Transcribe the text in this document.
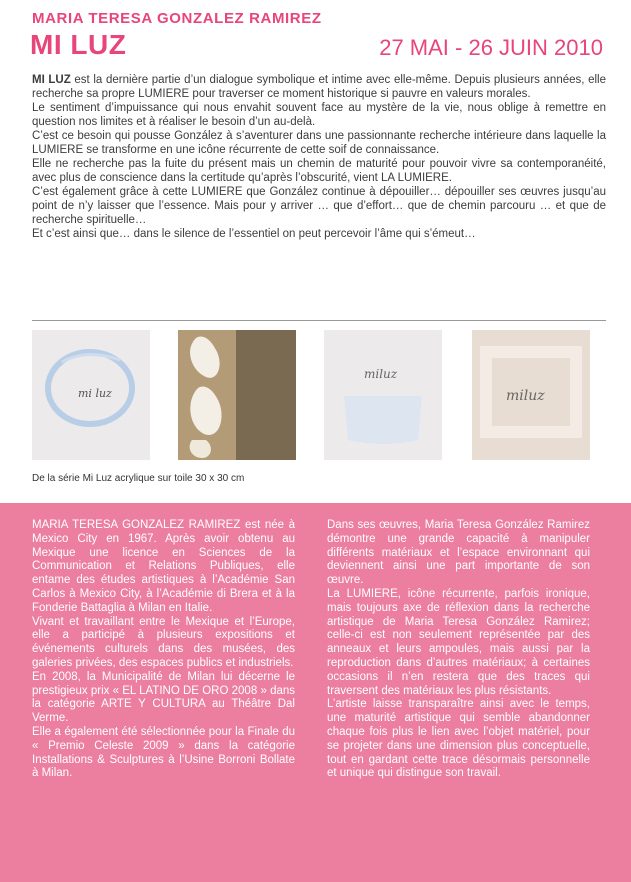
MARIA TERESA GONZALEZ RAMIREZ
MI LUZ	27 MAI - 26 JUIN 2010

MI LUZ est la dernière partie d’un dialogue symbolique et intime avec elle-même. Depuis plusieurs années, elle recherche sa propre LUMIERE pour traverser ce moment historique si pauvre en valeurs morales.

Le sentiment d’impuissance qui nous envahit souvent face au mystère de la vie, nous oblige à remettre en question nos limites et à réaliser le besoin d’un au-delà.

C’est ce besoin qui pousse González à s’aventurer dans une passionnante recherche intérieure dans laquelle la LUMIERE se transforme en une icône récurrente de cette soif de connaissance.

Elle ne recherche pas la fuite du présent mais un chemin de maturité pour pouvoir vivre sa contemporanéité, avec plus de conscience dans la certitude qu’après l’obscurité, vient LA LUMIERE.

C’est également grâce à cette LUMIERE que González continue à dépouiller… dépouiller ses œuvres jusqu’au point de n’y laisser que l’essence. Mais pour y arriver … que d’effort… que de chemin parcouru … et que de recherche spirituelle…

Et c’est ainsi que… dans le silence de l’essentiel on peut percevoir l’âme qui s’émeut…

mi luz
miluz
miluz
De la série Mi Luz acrylique sur toile 30 x 30 cm

MARIA TERESA GONZALEZ RAMIREZ est née à Mexico City en 1967. Après avoir obtenu au Mexique une licence en Sciences de la Communication et Relations Publiques, elle entame des études artistiques à l’Académie San Carlos à Mexico City, à l’Académie di Brera et à la Fonderie Battaglia à Milan en Italie.

Vivant et travaillant entre le Mexique et l’Europe, elle a participé à plusieurs expositions et événements culturels dans des musées, des galeries privées, des espaces publics et industriels.

En 2008, la Municipalité de Milan lui décerne le prestigieux prix « EL LATINO DE ORO 2008 » dans la catégorie ARTE Y CULTURA au Théâtre Dal Verme.

Elle a également été sélectionnée pour la Finale du « Premio Celeste 2009 » dans la catégorie Installations & Sculptures à l’Usine Borroni Bollate à Milan.

Dans ses œuvres, Maria Teresa González Ramirez démontre une grande capacité à manipuler différents matériaux et l’espace environnant qui deviennent ainsi une part importante de son œuvre.

La LUMIERE, icône récurrente, parfois ironique, mais toujours axe de réflexion dans la recherche artistique de Maria Teresa González Ramirez; celle-ci est non seulement représentée par des anneaux et leurs ampoules, mais aussi par la reproduction dans d’autres matériaux; à certaines occasions il n’en restera que des traces qui traversent des matériaux les plus résistants.

L’artiste laisse transparaître ainsi avec le temps, une maturité artistique qui semble abandonner chaque fois plus le lien avec l’objet matériel, pour se projeter dans une dimension plus conceptuelle, tout en gardant cette trace désormais personnelle et unique qui distingue son travail.
